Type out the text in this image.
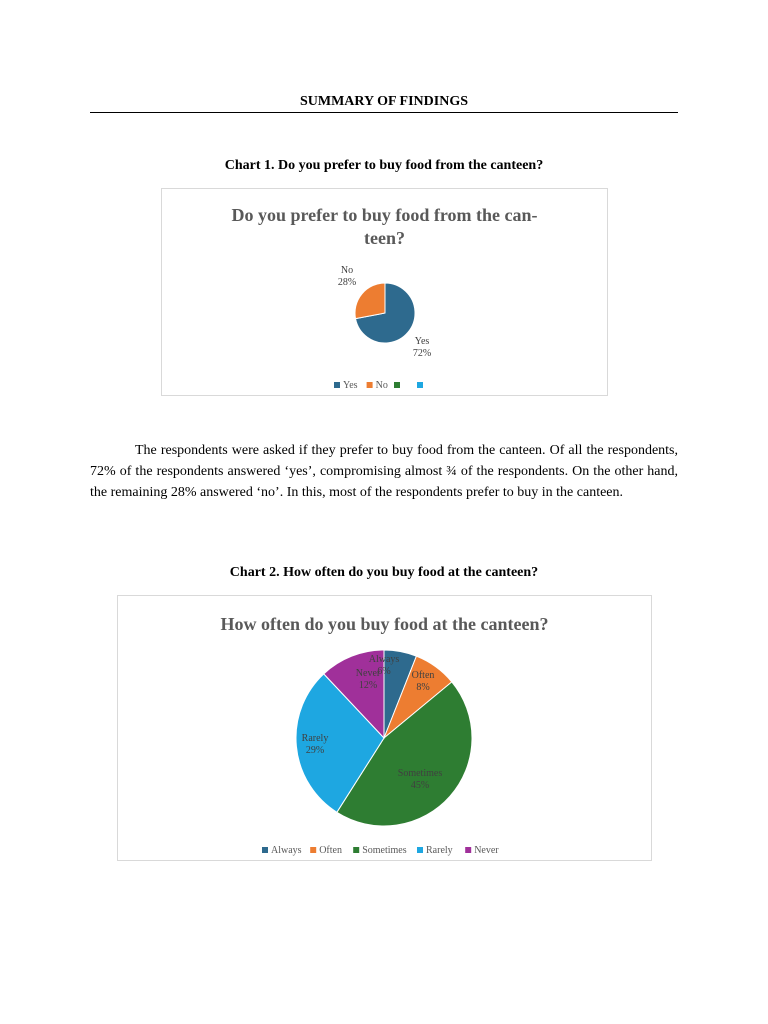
SUMMARY OF FINDINGS
Chart 1. Do you prefer to buy food from the canteen?
Do you prefer to buy food from the can-
teen?
Yes
72%
No
28%
Yes No

The respondents were asked if they prefer to buy food from the canteen. Of all the respondents, 72% of the respondents answered ‘yes’, compromising almost ¾ of the respondents. On the other hand, the remaining 28% answered ‘no’. In this, most of the respondents prefer to buy in the canteen.

Chart 2. How often do you buy food at the canteen?
How often do you buy food at the canteen?
Always
6% Often
8%
Sometimes
45%
Rarely
29%
Never
12%
Always Often Sometimes Rarely Never
